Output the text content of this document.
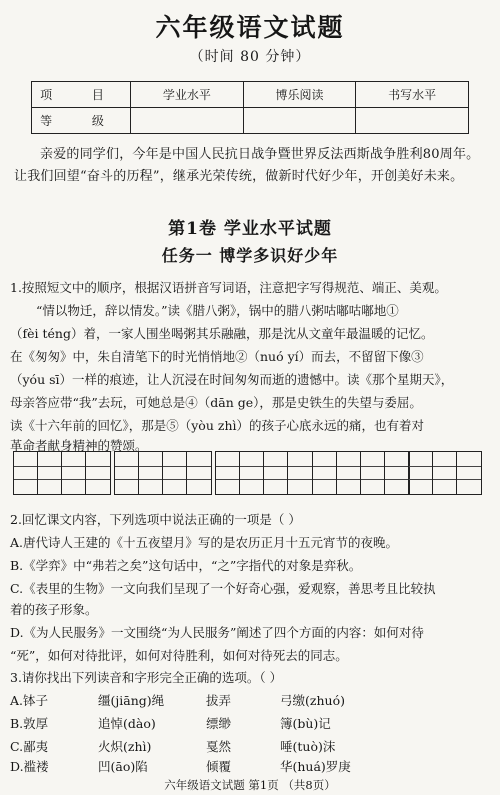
六年级语文试题
（时间 80 分钟）
项 目	学业水平	博乐阅读	书写水平
等 级			
亲爱的同学们，今年是中国人民抗日战争暨世界反法西斯战争胜利80周年。让我们回望“奋斗的历程”，继承光荣传统，做新时代好少年，开创美好未来。
第1卷 学业水平试题
任务一 博学多识好少年
1.按照短文中的顺序，根据汉语拼音写词语，注意把字写得规范、端正、美观。
“情以物迁，辞以情发。”读《腊八粥》，锅中的腊八粥咕嘟咕嘟地①
（fèi téng）着，一家人围坐喝粥其乐融融，那是沈从文童年最温暖的记忆。
在《匆匆》中，朱自清笔下的时光悄悄地②（nuó yí）而去，不留留下像③
（yóu sī）一样的痕迹，让人沉浸在时间匆匆而逝的遗憾中。读《那个星期天》，
母亲答应带“我”去玩，可她总是④（dān ge），那是史铁生的失望与委屈。
读《十六年前的回忆》，那是⑤（yòu zhì）的孩子心底永远的痛，也有着对
革命者献身精神的赞颂。
2.回忆课文内容，下列选项中说法正确的一项是（ ）
A.唐代诗人王建的《十五夜望月》写的是农历正月十五元宵节的夜晚。
B.《学弈》中“弗若之矣”这句话中，“之”字指代的对象是弈秋。
C.《表里的生物》一文向我们呈现了一个好奇心强，爱观察，善思考且比较执
着的孩子形象。
D.《为人民服务》一文围绕“为人民服务”阐述了四个方面的内容：如何对待
“死”，如何对待批评，如何对待胜利，如何对待死去的同志。
3.请你找出下列读音和字形完全正确的选项。（ ）
A.钵子	缰(jiāng)绳	拔弄	弓缴(zhuó)
B.敦厚	追悼(dào)	缥缈	簿(bù)记
C.鄙夷	火炽(zhì)	戛然	唾(tuò)沫
D.褴褛	凹(āo)陷	倾覆	华(huá)罗庚
六年级语文试题 第1页 （共8页）
